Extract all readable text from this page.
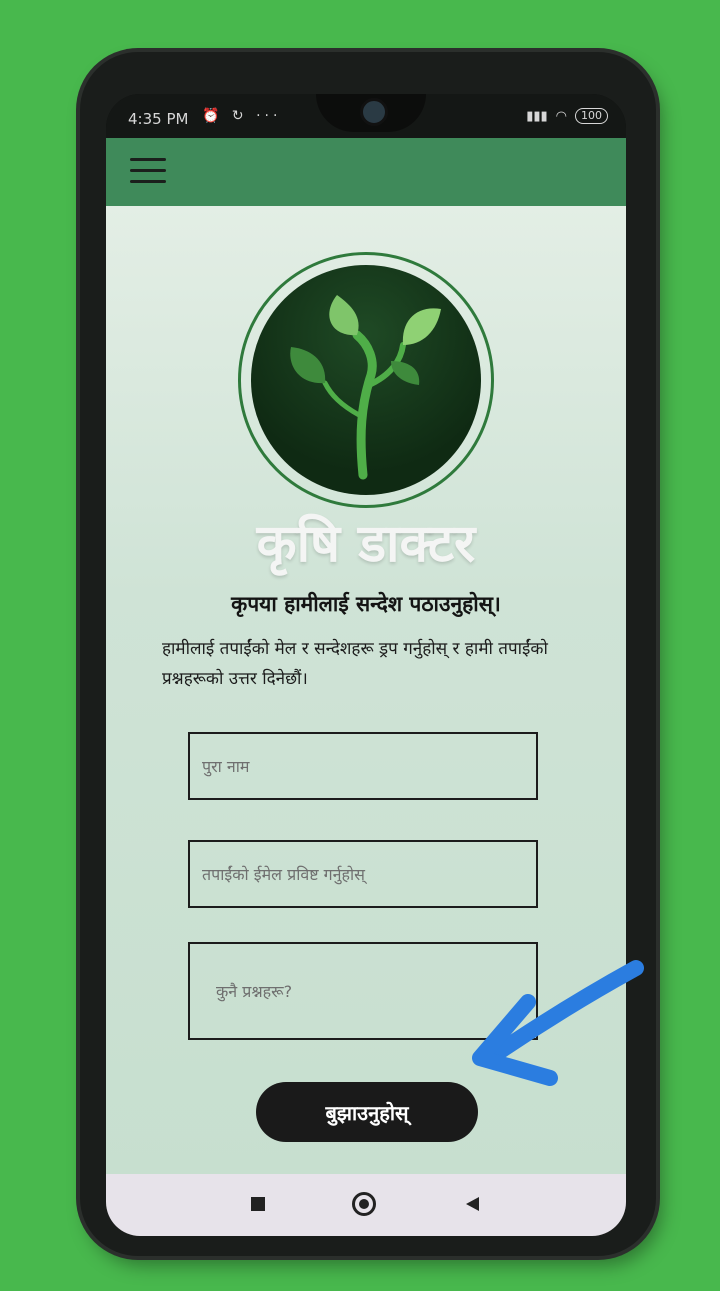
4:35 PM ⏰ ↻ ···	▮▮▮ ◠	100
कृषि डाक्टर
कृपया हामीलाई सन्देश पठाउनुहोस्।
हामीलाई तपाईंको मेल र सन्देशहरू ड्रप गर्नुहोस् र हामी तपाईंको प्रश्नहरूको उत्तर दिनेछौं।
पुरा नाम
तपाईंको ईमेल प्रविष्ट गर्नुहोस्
कुनै प्रश्नहरू?
बुझाउनुहोस्
